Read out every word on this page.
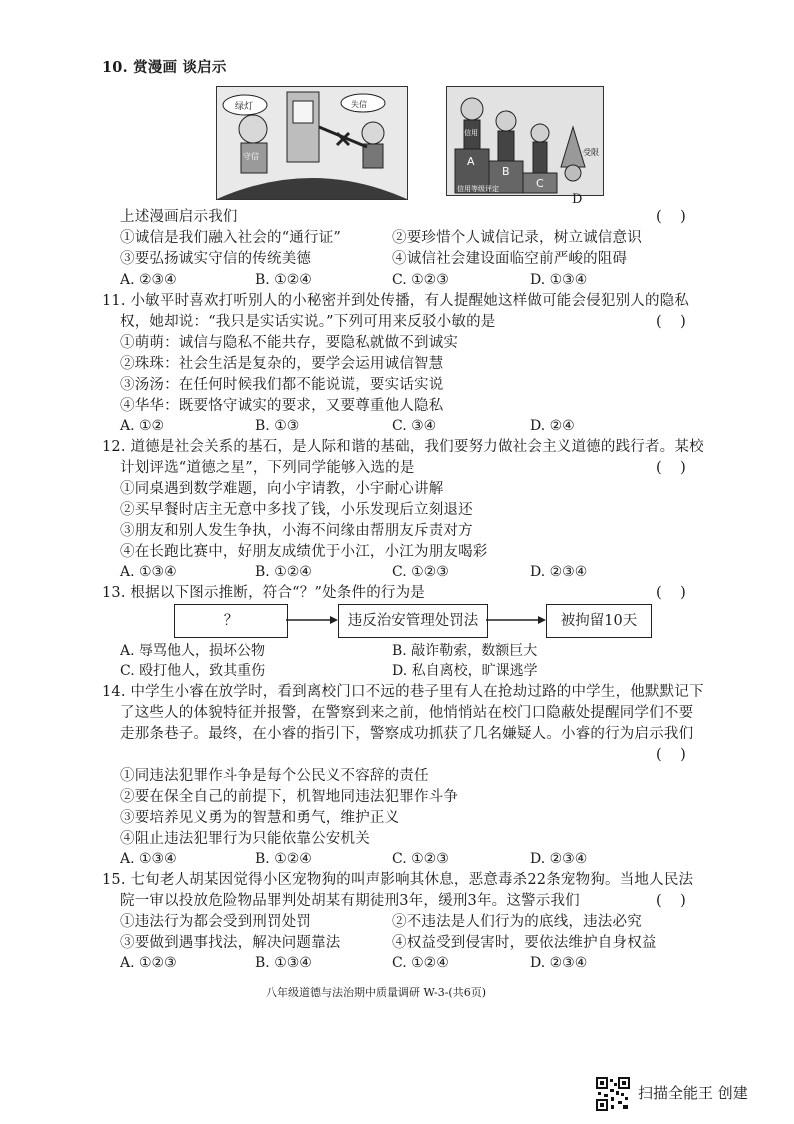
10. 赏漫画 谈启示
绿灯
守信
失信
信用
A
B
C
受限
信用等级评定
D
上述漫画启示我们	(    )
①诚信是我们融入社会的“通行证”	②要珍惜个人诚信记录，树立诚信意识
③要弘扬诚实守信的传统美德	④诚信社会建设面临空前严峻的阻碍
A. ②③④	B. ①②④	C. ①②③	D. ①③④
11. 小敏平时喜欢打听别人的小秘密并到处传播，有人提醒她这样做可能会侵犯别人的隐私
权，她却说：“我只是实话实说。”下列可用来反驳小敏的是	(    )
①萌萌：诚信与隐私不能共存，要隐私就做不到诚实
②珠珠：社会生活是复杂的，要学会运用诚信智慧
③汤汤：在任何时候我们都不能说谎，要实话实说
④华华：既要恪守诚实的要求，又要尊重他人隐私
A. ①②	B. ①③	C. ③④	D. ②④
12. 道德是社会关系的基石，是人际和谐的基础，我们要努力做社会主义道德的践行者。某校
计划评选“道德之星”，下列同学能够入选的是	(    )
①同桌遇到数学难题，向小宇请教，小宇耐心讲解
②买早餐时店主无意中多找了钱，小乐发现后立刻退还
③朋友和别人发生争执，小海不问缘由帮朋友斥责对方
④在长跑比赛中，好朋友成绩优于小江，小江为朋友喝彩
A. ①③④	B. ①②④	C. ①②③	D. ②③④
13. 根据以下图示推断，符合“？”处条件的行为是	(    )
？	违反治安管理处罚法	被拘留10天
A. 辱骂他人，损坏公物	B. 敲诈勒索，数额巨大
C. 殴打他人，致其重伤	D. 私自离校，旷课逃学
14. 中学生小睿在放学时，看到离校门口不远的巷子里有人在抢劫过路的中学生，他默默记下
了这些人的体貌特征并报警，在警察到来之前，他悄悄站在校门口隐蔽处提醒同学们不要
走那条巷子。最终，在小睿的指引下，警察成功抓获了几名嫌疑人。小睿的行为启示我们
(    )
①同违法犯罪作斗争是每个公民义不容辞的责任
②要在保全自己的前提下，机智地同违法犯罪作斗争
③要培养见义勇为的智慧和勇气，维护正义
④阻止违法犯罪行为只能依靠公安机关
A. ①③④	B. ①②④	C. ①②③	D. ②③④
15. 七旬老人胡某因觉得小区宠物狗的叫声影响其休息，恶意毒杀22条宠物狗。当地人民法
院一审以投放危险物品罪判处胡某有期徒刑3年，缓刑3年。这警示我们	(    )
①违法行为都会受到刑罚处罚	②不违法是人们行为的底线，违法必究
③要做到遇事找法，解决问题靠法	④权益受到侵害时，要依法维护自身权益
A. ①②③	B. ①③④	C. ①②④	D. ②③④
八年级道德与法治期中质量调研 W-3-(共6页)
扫描全能王 创建
